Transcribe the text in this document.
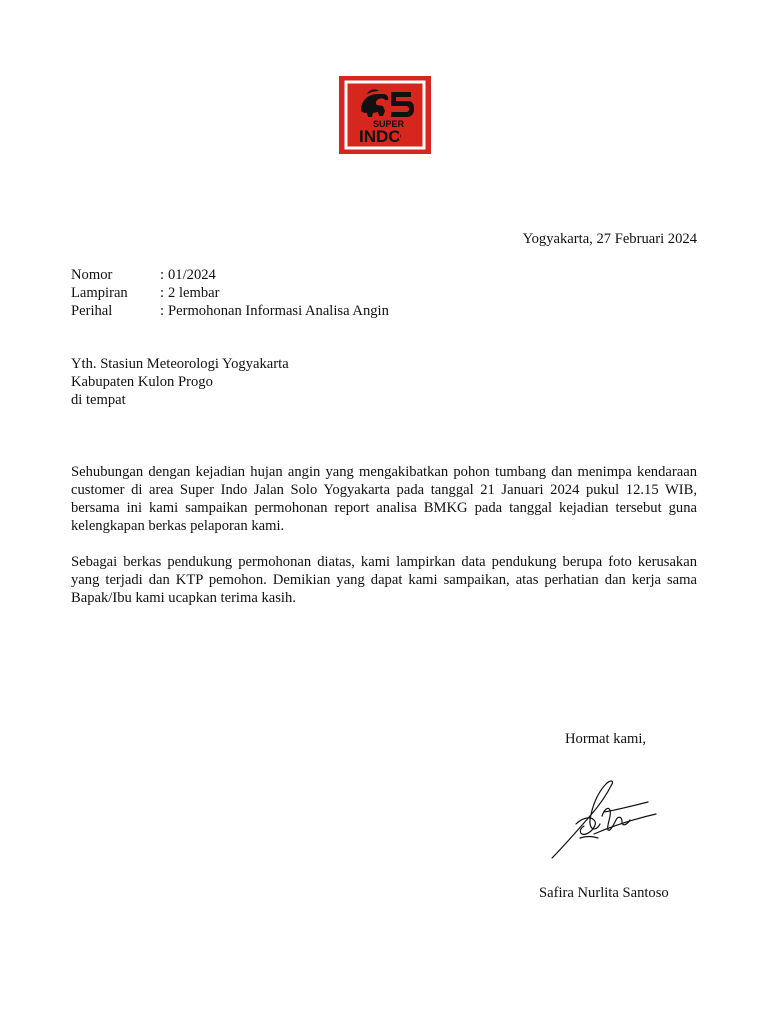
SUPER
INDO
Yogyakarta, 27 Februari 2024
Nomor	: 01/2024
Lampiran	: 2 lembar
Perihal	: Permohonan Informasi Analisa Angin
Yth. Stasiun Meteorologi Yogyakarta
Kabupaten Kulon Progo
di tempat
Sehubungan dengan kejadian hujan angin yang mengakibatkan pohon tumbang dan menimpa kendaraan customer di area Super Indo Jalan Solo Yogyakarta pada tanggal 21 Januari 2024 pukul 12.15 WIB, bersama ini kami sampaikan permohonan report analisa BMKG pada tanggal kejadian tersebut guna kelengkapan berkas pelaporan kami.
Sebagai berkas pendukung permohonan diatas, kami lampirkan data pendukung berupa foto kerusakan yang terjadi dan KTP pemohon. Demikian yang dapat kami sampaikan, atas perhatian dan kerja sama Bapak/Ibu kami ucapkan terima kasih.
Hormat kami,
Safira Nurlita Santoso
